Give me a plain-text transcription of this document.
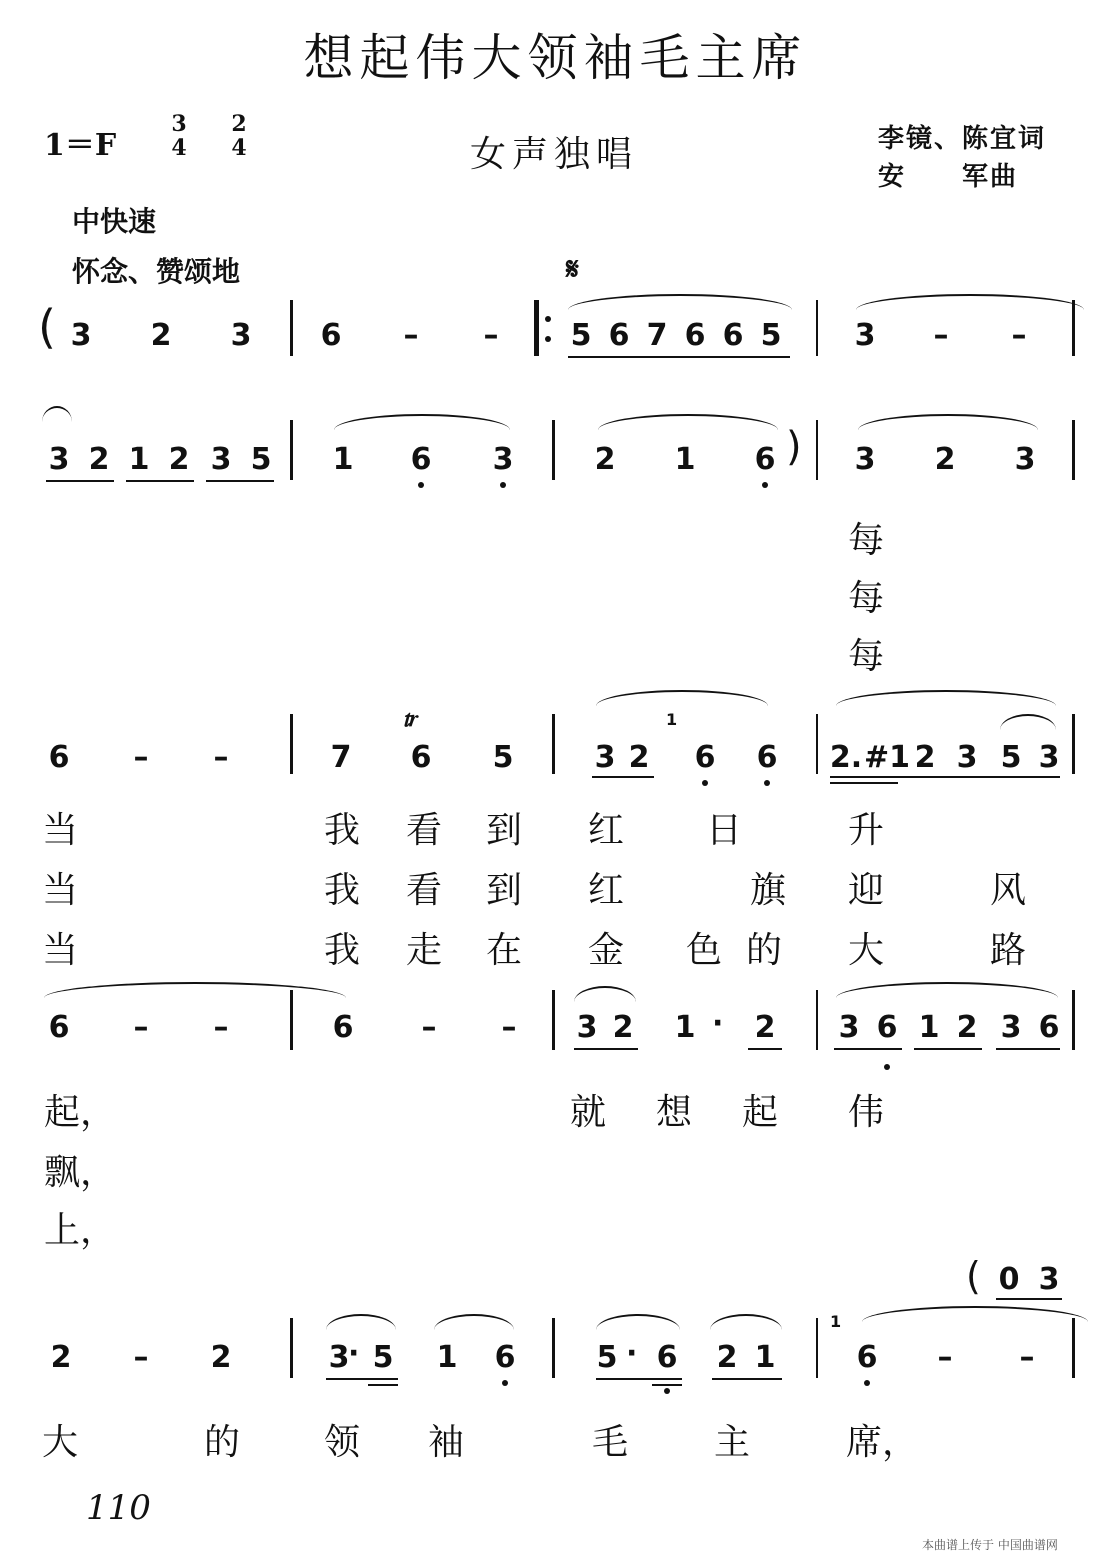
想起伟大领袖毛主席
1＝F
3
4
2
4	女声独唱	李镜、陈宜词
安　　军曲
中快速
怀念、赞颂地	𝄋
( 3 2 3 6 – – 5 6 7 6 6 5 3 – –
3 2 1 2 3 5 1 6 3	2 1 6 ) 3 2 3
每
每
每
6 – –	7
𝆖
6 5	3 2
1
6 6 2. #1 2 3 5 3
当	我 看 到 红 日	升
当	我 看 到 红	旗 迎	风
当	我 走 在 金 色 的 大	路
6 – –	6 – – 3 2 1 · 2 3 6 1 2 3 6
起，	就 想 起 伟
飘，
上，
2 – 2	3
· 5 1 6	5 · 6 2 1
1
6 – –
( 0 3
大	的 领 袖	毛 主	席，
110
本曲谱上传于 中国曲谱网
